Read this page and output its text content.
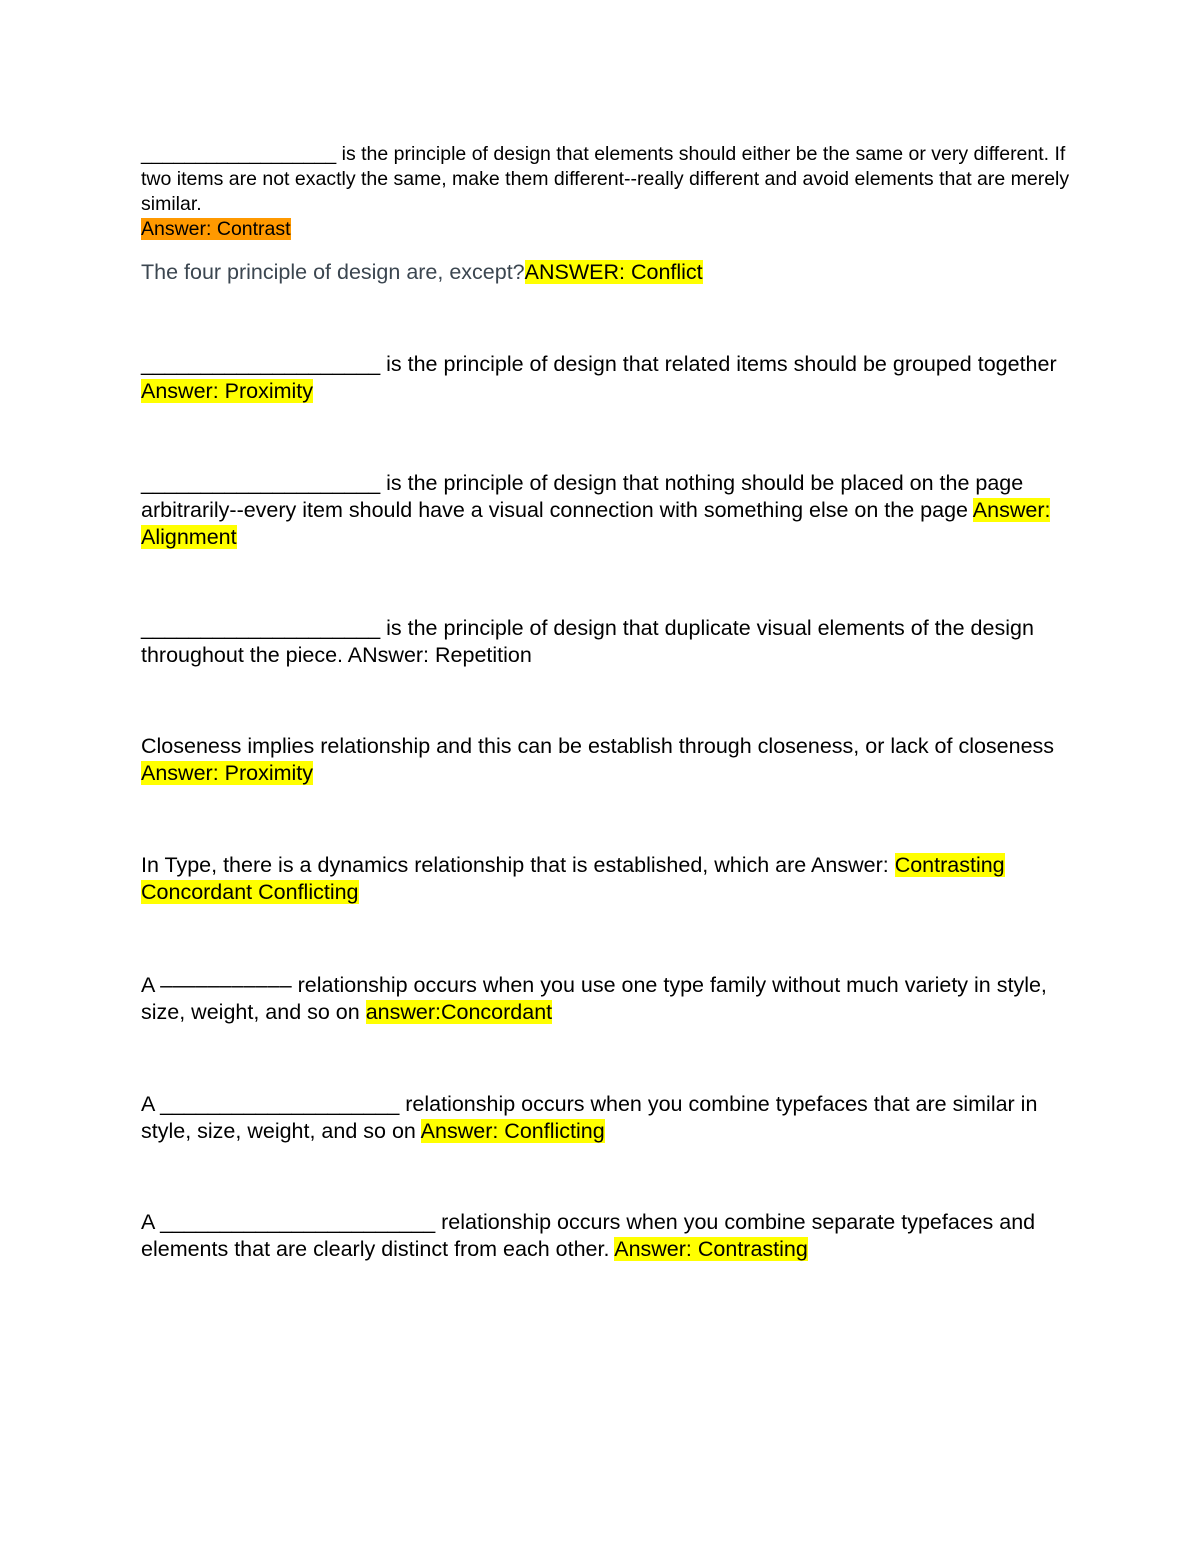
__________________ is the principle of design that elements should either be the same or very different. If two items are not exactly the same, make them different--really different and avoid elements that are merely similar.
Answer: Contrast
The four principle of design are, except?ANSWER: Conflict
____________________ is the principle of design that related items should be grouped together Answer: Proximity
____________________ is the principle of design that nothing should be placed on the page arbitrarily--every item should have a visual connection with something else on the page Answer: Alignment
____________________ is the principle of design that duplicate visual elements of the design throughout the piece. ANswer: Repetition
Closeness implies relationship and this can be establish through closeness, or lack of closeness Answer: Proximity
In Type, there is a dynamics relationship that is established, which are Answer: Contrasting Concordant Conflicting
A ––––––––––– relationship occurs when you use one type family without much variety in style, size, weight, and so on answer:Concordant
A ____________________ relationship occurs when you combine typefaces that are similar in style, size, weight, and so on Answer: Conflicting
A _______________________ relationship occurs when you combine separate typefaces and elements that are clearly distinct from each other. Answer: Contrasting
